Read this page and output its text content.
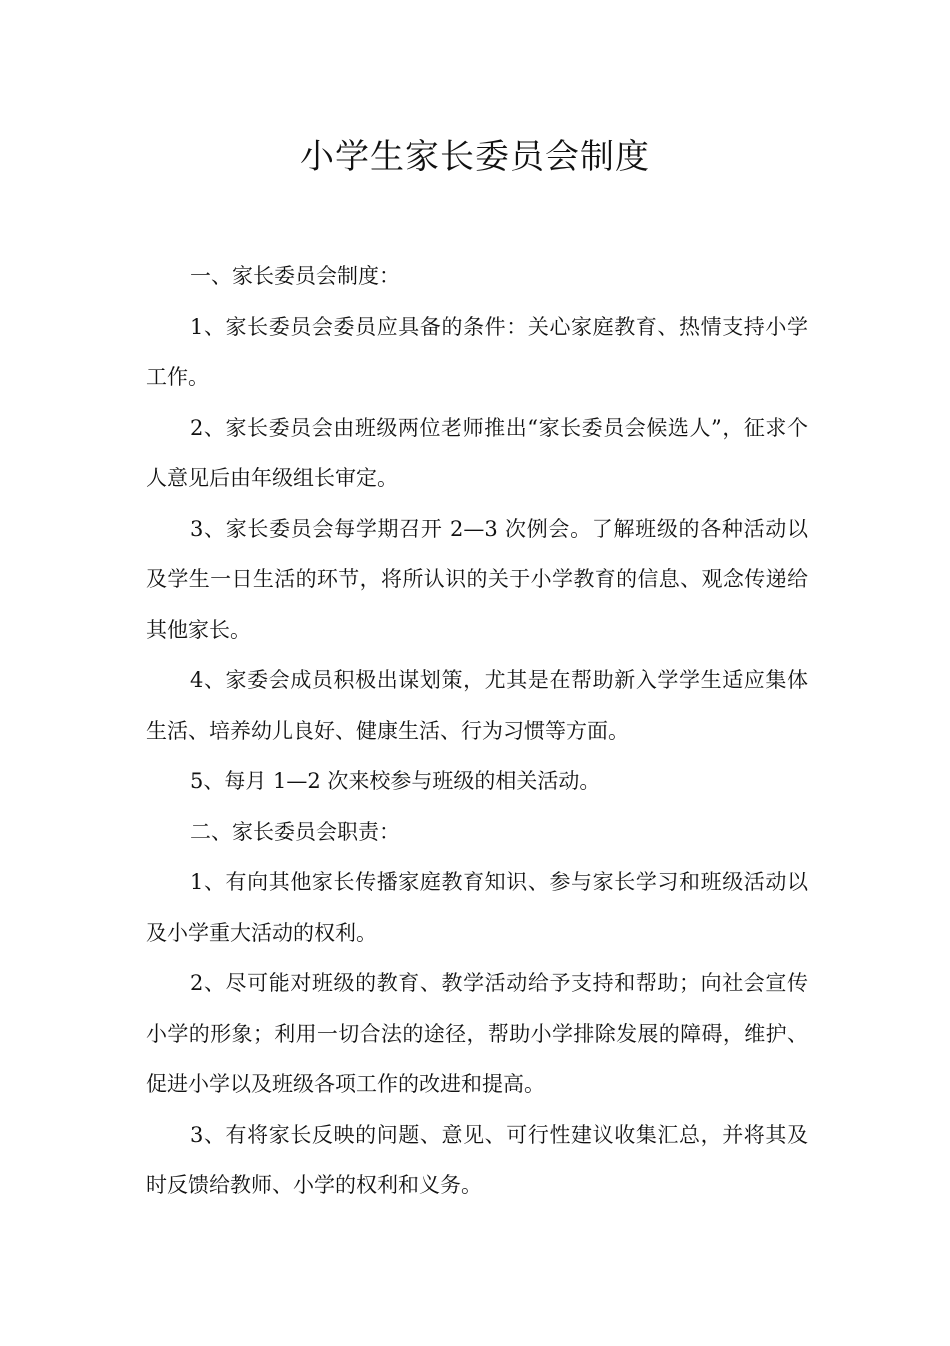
小学生家长委员会制度

一、家长委员会制度：

1、家长委员会委员应具备的条件：关心家庭教育、热情支持小学工作。

2、家长委员会由班级两位老师推出“家长委员会候选人”，征求个人意见后由年级组长审定。

3、家长委员会每学期召开 2—3 次例会。了解班级的各种活动以及学生一日生活的环节，将所认识的关于小学教育的信息、观念传递给其他家长。

4、家委会成员积极出谋划策，尤其是在帮助新入学学生适应集体生活、培养幼儿良好、健康生活、行为习惯等方面。

5、每月 1—2 次来校参与班级的相关活动。

二、家长委员会职责：

1、有向其他家长传播家庭教育知识、参与家长学习和班级活动以及小学重大活动的权利。

2、尽可能对班级的教育、教学活动给予支持和帮助；向社会宣传小学的形象；利用一切合法的途径，帮助小学排除发展的障碍，维护、促进小学以及班级各项工作的改进和提高。

3、有将家长反映的问题、意见、可行性建议收集汇总，并将其及时反馈给教师、小学的权利和义务。
